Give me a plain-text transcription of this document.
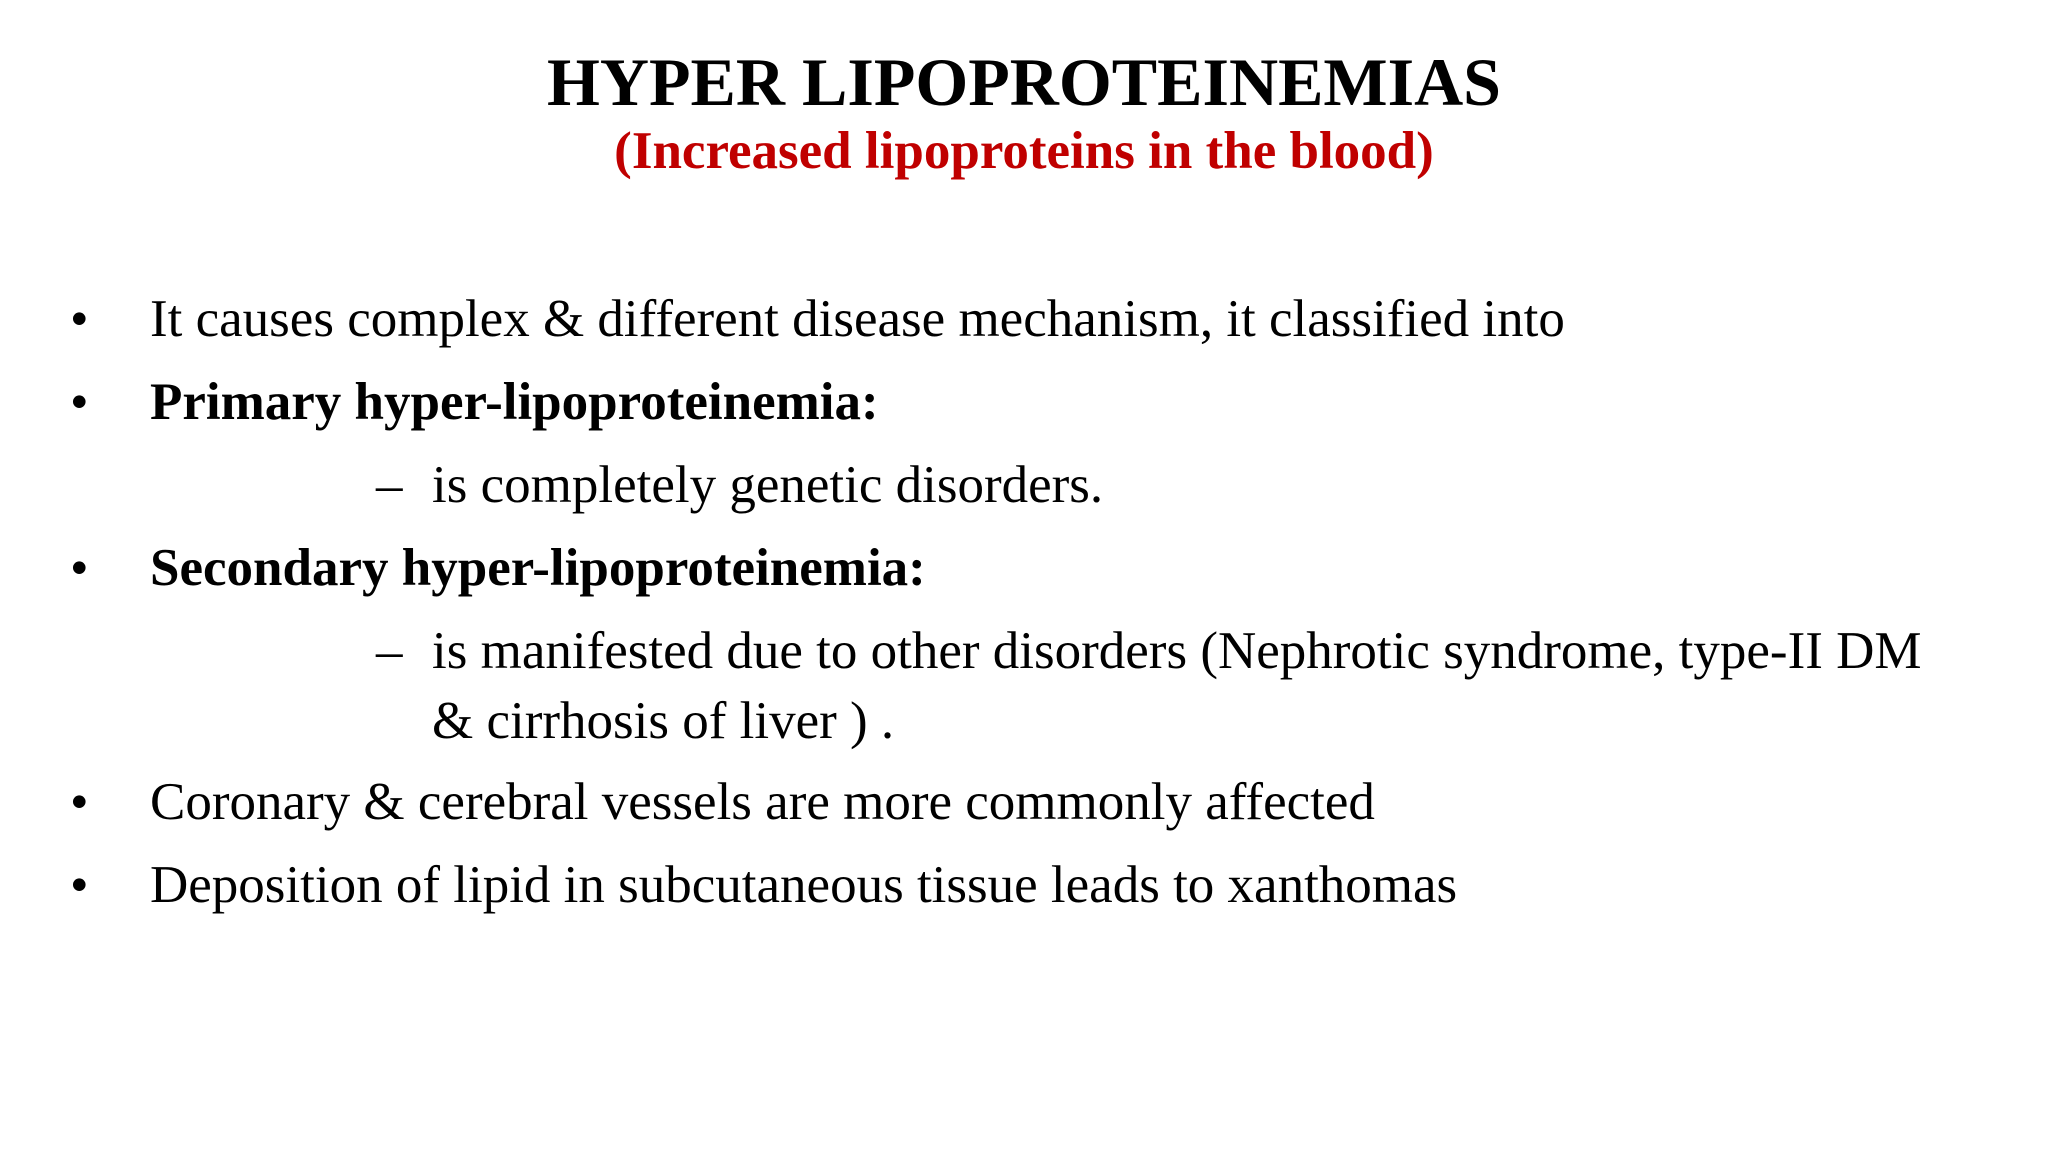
HYPER LIPOPROTEINEMIAS
(Increased lipoproteins in the blood)
• It causes complex & different disease mechanism, it classified into
• Primary hyper-lipoproteinemia:
– is completely genetic disorders.
• Secondary hyper-lipoproteinemia:
– is manifested due to other disorders (Nephrotic syndrome, type-II DM & cirrhosis of liver ) .
• Coronary & cerebral vessels are more commonly affected
• Deposition of lipid in subcutaneous tissue leads to xanthomas
